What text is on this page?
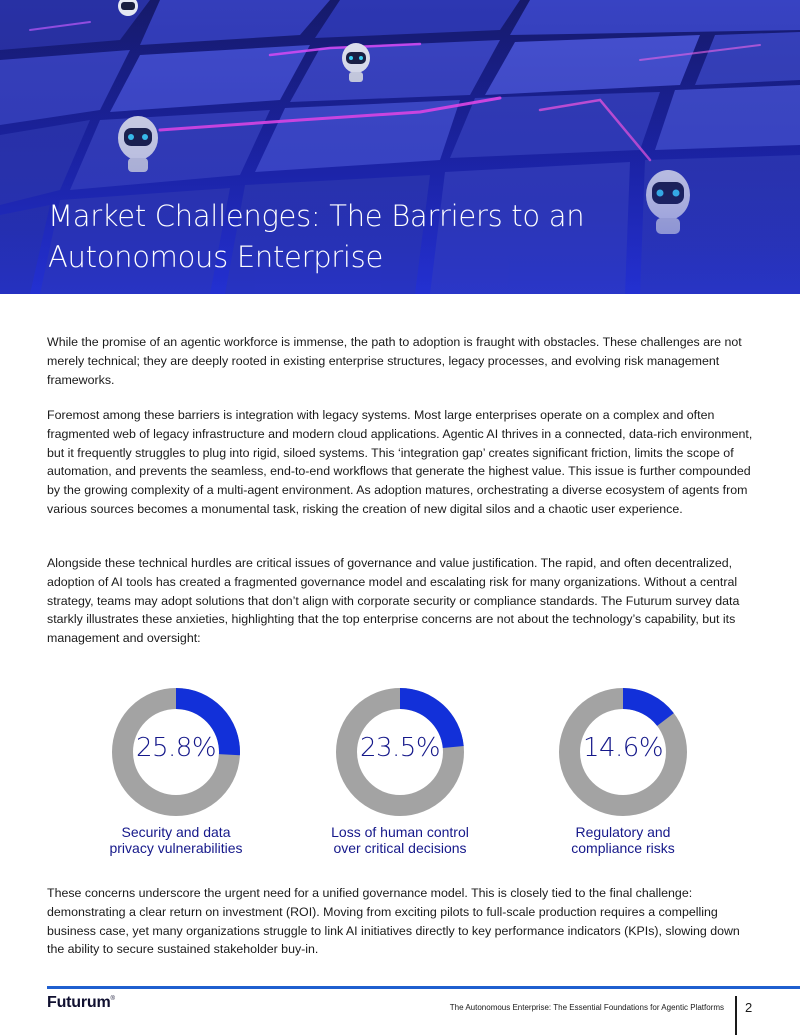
Market Challenges: The Barriers to an Autonomous Enterprise

While the promise of an agentic workforce is immense, the path to adoption is fraught with obstacles. These challenges are not merely technical; they are deeply rooted in existing enterprise structures, legacy processes, and evolving risk management frameworks.

Foremost among these barriers is integration with legacy systems. Most large enterprises operate on a complex and often fragmented web of legacy infrastructure and modern cloud applications. Agentic AI thrives in a connected, data-rich environment, but it frequently struggles to plug into rigid, siloed systems. This ‘integration gap’ creates significant friction, limits the scope of automation, and prevents the seamless, end-to-end workflows that generate the highest value. This issue is further compounded by the growing complexity of a multi-agent environment. As adoption matures, orchestrating a diverse ecosystem of agents from various sources becomes a monumental task, risking the creation of new digital silos and a chaotic user experience.

Alongside these technical hurdles are critical issues of governance and value justification. The rapid, and often decentralized, adoption of AI tools has created a fragmented governance model and escalating risk for many organizations. Without a central strategy, teams may adopt solutions that don’t align with corporate security or compliance standards. The Futurum survey data starkly illustrates these anxieties, highlighting that the top enterprise concerns are not about the technology’s capability, but its management and oversight:

25.8%
Security and data
privacy vulnerabilities
23.5%
Loss of human control
over critical decisions
14.6%
Regulatory and
compliance risks

These concerns underscore the urgent need for a unified governance model. This is closely tied to the final challenge: demonstrating a clear return on investment (ROI). Moving from exciting pilots to full-scale production requires a compelling business case, yet many organizations struggle to link AI initiatives directly to key performance indicators (KPIs), slowing down the ability to secure sustained stakeholder buy-in.

Futurum®
The Autonomous Enterprise: The Essential Foundations for Agentic Platforms 2
